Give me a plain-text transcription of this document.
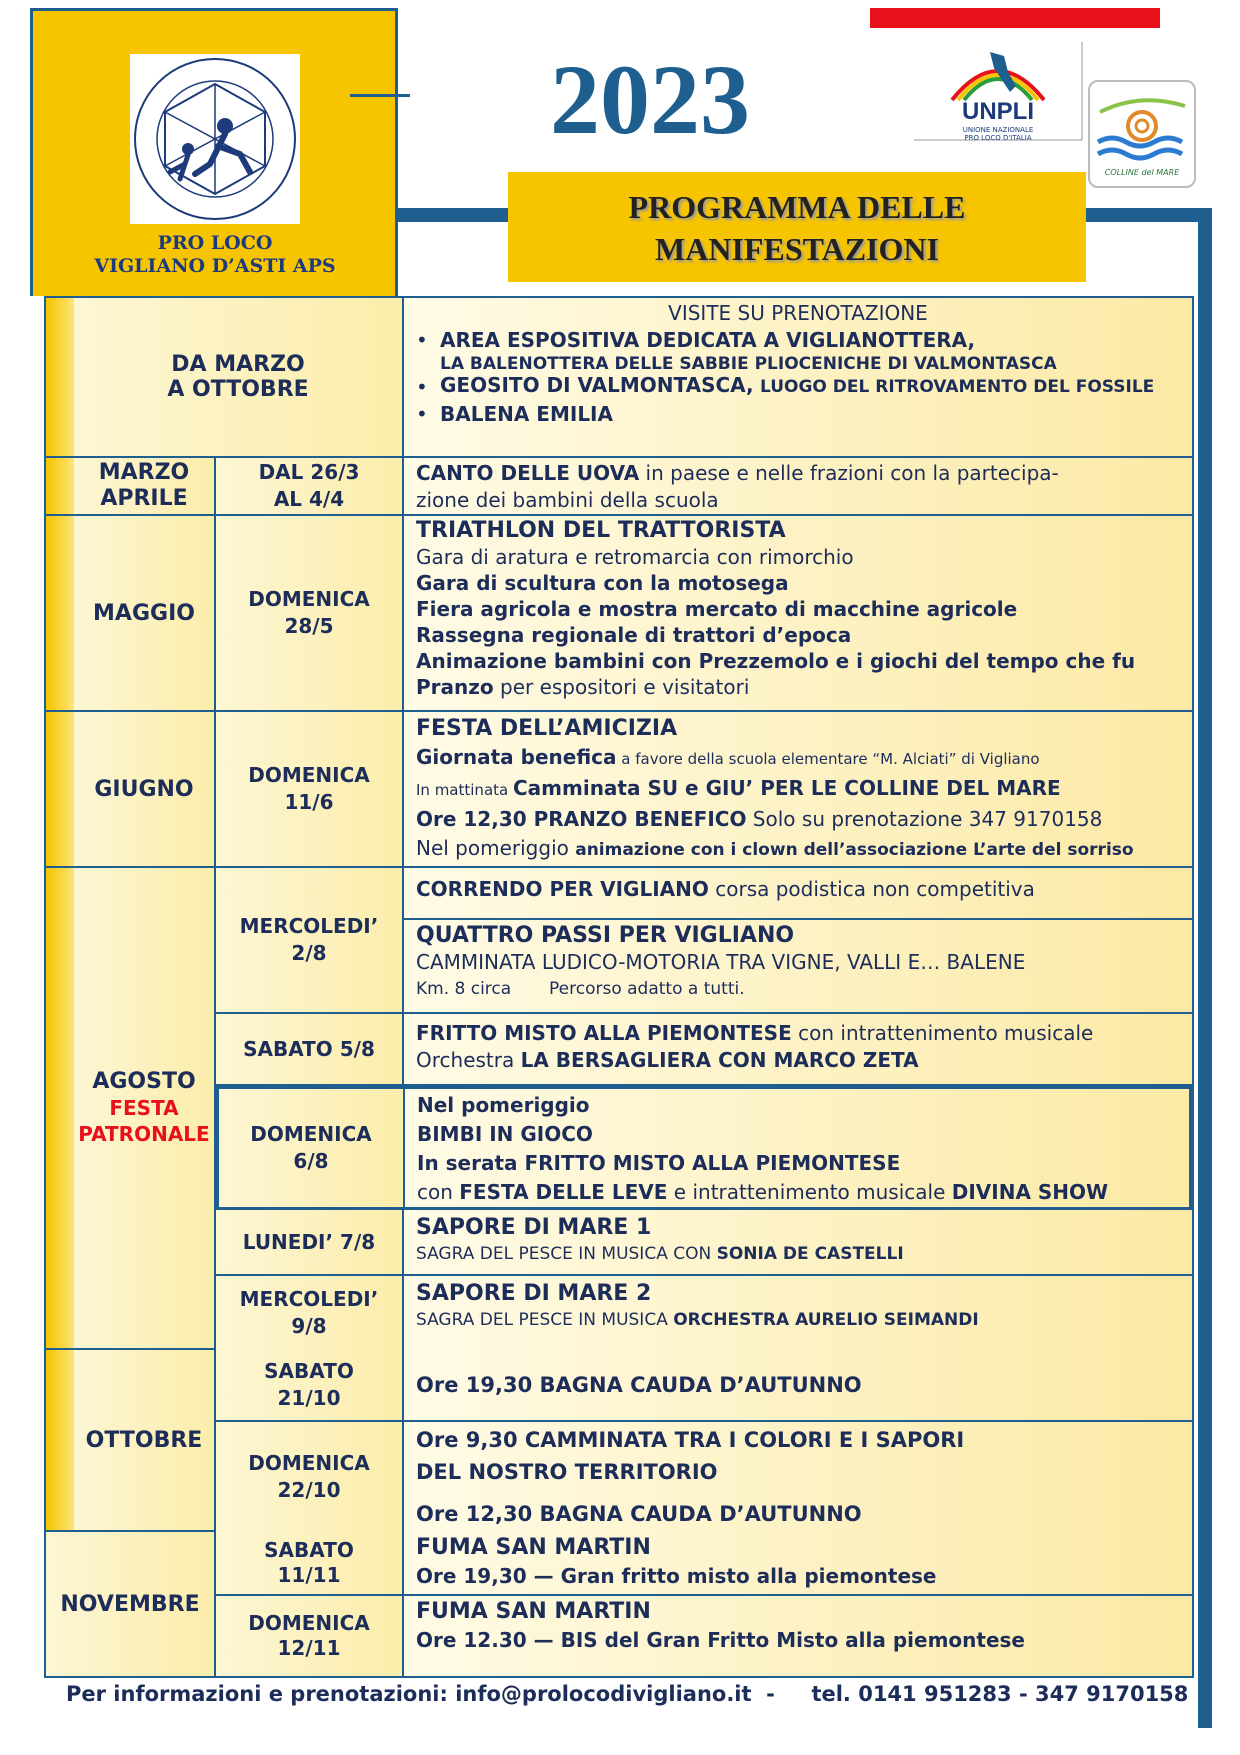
PRO LOCO
VIGLIANO D’ASTI APS
2023	UNPLI
UNIONE NAZIONALE
PRO LOCO D'ITALIA
COLLINE del MARE
PROGRAMMA DELLE
MANIFESTAZIONI
DA MARZO
A OTTOBRE
VISITE SU PRENOTAZIONE
• AREA ESPOSITIVA DEDICATA A VIGLIANOTTERA,
LA BALENOTTERA DELLE SABBIE PLIOCENICHE DI VALMONTASCA
• GEOSITO DI VALMONTASCA, LUOGO DEL RITROVAMENTO DEL FOSSILE
• BALENA EMILIA
MARZO
APRILE
DAL 26/3
AL 4/4
CANTO DELLE UOVA in paese e nelle frazioni con la partecipa-
zione dei bambini della scuola
MAGGIO
DOMENICA
28/5
TRIATHLON DEL TRATTORISTA
Gara di aratura e retromarcia con rimorchio
Gara di scultura con la motosega
Fiera agricola e mostra mercato di macchine agricole
Rassegna regionale di trattori d’epoca
Animazione bambini con Prezzemolo e i giochi del tempo che fu
Pranzo per espositori e visitatori
GIUGNO
DOMENICA
11/6
FESTA DELL’AMICIZIA
Giornata benefica a favore della scuola elementare “M. Alciati” di Vigliano
In mattinata Camminata SU e GIU’ PER LE COLLINE DEL MARE
Ore 12,30 PRANZO BENEFICO Solo su prenotazione 347 9170158
Nel pomeriggio animazione con i clown dell’associazione L’arte del sorriso
AGOSTO
FESTA
PATRONALE
MERCOLEDI’
2/8
CORRENDO PER VIGLIANO corsa podistica non competitiva
QUATTRO PASSI PER VIGLIANO
CAMMINATA LUDICO-MOTORIA TRA VIGNE, VALLI E… BALENE
Km. 8 circa       Percorso adatto a tutti.
SABATO 5/8
FRITTO MISTO ALLA PIEMONTESE con intrattenimento musicale
Orchestra LA BERSAGLIERA CON MARCO ZETA
DOMENICA
6/8
Nel pomeriggio
BIMBI IN GIOCO
In serata FRITTO MISTO ALLA PIEMONTESE
con FESTA DELLE LEVE e intrattenimento musicale DIVINA SHOW
LUNEDI’ 7/8
SAPORE DI MARE 1
SAGRA DEL PESCE IN MUSICA CON SONIA DE CASTELLI
MERCOLEDI’
9/8
SAPORE DI MARE 2
SAGRA DEL PESCE IN MUSICA ORCHESTRA AURELIO SEIMANDI
OTTOBRE
SABATO
21/10
Ore 19,30 BAGNA CAUDA D’AUTUNNO
DOMENICA
22/10
Ore 9,30 CAMMINATA TRA I COLORI E I SAPORI
DEL NOSTRO TERRITORIO
Ore 12,30 BAGNA CAUDA D’AUTUNNO
NOVEMBRE
SABATO
11/11
FUMA SAN MARTIN
Ore 19,30 — Gran fritto misto alla piemontese
DOMENICA
12/11
FUMA SAN MARTIN
Ore 12.30 — BIS del Gran Fritto Misto alla piemontese
Per informazioni e prenotazioni: info@prolocodivigliano.it  -     tel. 0141 951283 - 347 9170158
